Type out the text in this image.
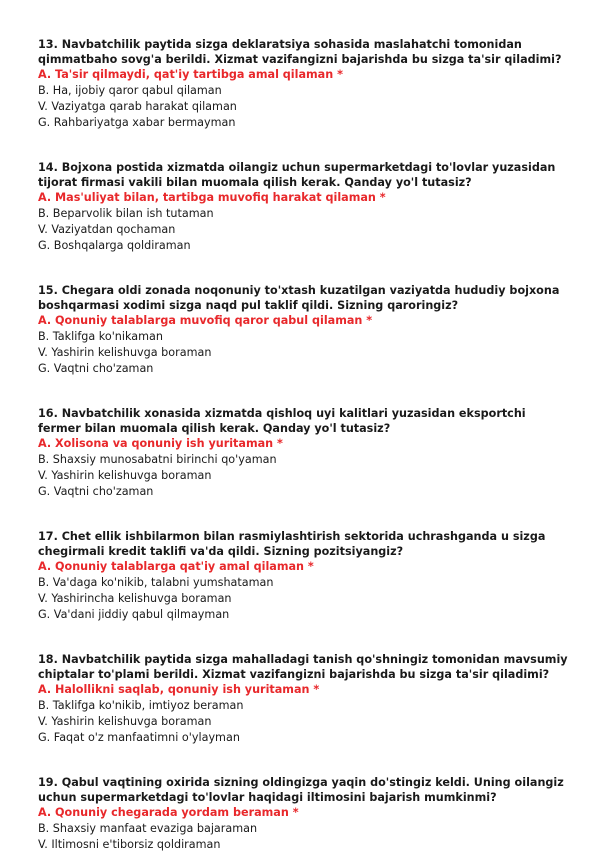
13. Navbatchilik paytida sizga deklaratsiya sohasida maslahatchi tomonidan qimmatbaho sovg'a berildi. Xizmat vazifangizni bajarishda bu sizga ta'sir qiladimi?

A. Ta'sir qilmaydi, qat'iy tartibga amal qilaman *

B. Ha, ijobiy qaror qabul qilaman

V. Vaziyatga qarab harakat qilaman

G. Rahbariyatga xabar bermayman

14. Bojxona postida xizmatda oilangiz uchun supermarketdagi to'lovlar yuzasidan tijorat firmasi vakili bilan muomala qilish kerak. Qanday yo'l tutasiz?

A. Mas'uliyat bilan, tartibga muvofiq harakat qilaman *

B. Beparvolik bilan ish tutaman

V. Vaziyatdan qochaman

G. Boshqalarga qoldiraman

15. Chegara oldi zonada noqonuniy to'xtash kuzatilgan vaziyatda hududiy bojxona boshqarmasi xodimi sizga naqd pul taklif qildi. Sizning qaroringiz?

A. Qonuniy talablarga muvofiq qaror qabul qilaman *

B. Taklifga ko'nikaman

V. Yashirin kelishuvga boraman

G. Vaqtni cho'zaman

16. Navbatchilik xonasida xizmatda qishloq uyi kalitlari yuzasidan eksportchi fermer bilan muomala qilish kerak. Qanday yo'l tutasiz?

A. Xolisona va qonuniy ish yuritaman *

B. Shaxsiy munosabatni birinchi qo'yaman

V. Yashirin kelishuvga boraman

G. Vaqtni cho'zaman

17. Chet ellik ishbilarmon bilan rasmiylashtirish sektorida uchrashganda u sizga chegirmali kredit taklifi va'da qildi. Sizning pozitsiyangiz?

A. Qonuniy talablarga qat'iy amal qilaman *

B. Va'daga ko'nikib, talabni yumshataman

V. Yashirincha kelishuvga boraman

G. Va'dani jiddiy qabul qilmayman

18. Navbatchilik paytida sizga mahalladagi tanish qo'shningiz tomonidan mavsumiy chiptalar to'plami berildi. Xizmat vazifangizni bajarishda bu sizga ta'sir qiladimi?

A. Halollikni saqlab, qonuniy ish yuritaman *

B. Taklifga ko'nikib, imtiyoz beraman

V. Yashirin kelishuvga boraman

G. Faqat o'z manfaatimni o'ylayman

19. Qabul vaqtining oxirida sizning oldingizga yaqin do'stingiz keldi. Uning oilangiz uchun supermarketdagi to'lovlar haqidagi iltimosini bajarish mumkinmi?

A. Qonuniy chegarada yordam beraman *

B. Shaxsiy manfaat evaziga bajaraman

V. Iltimosni e'tiborsiz qoldiraman
